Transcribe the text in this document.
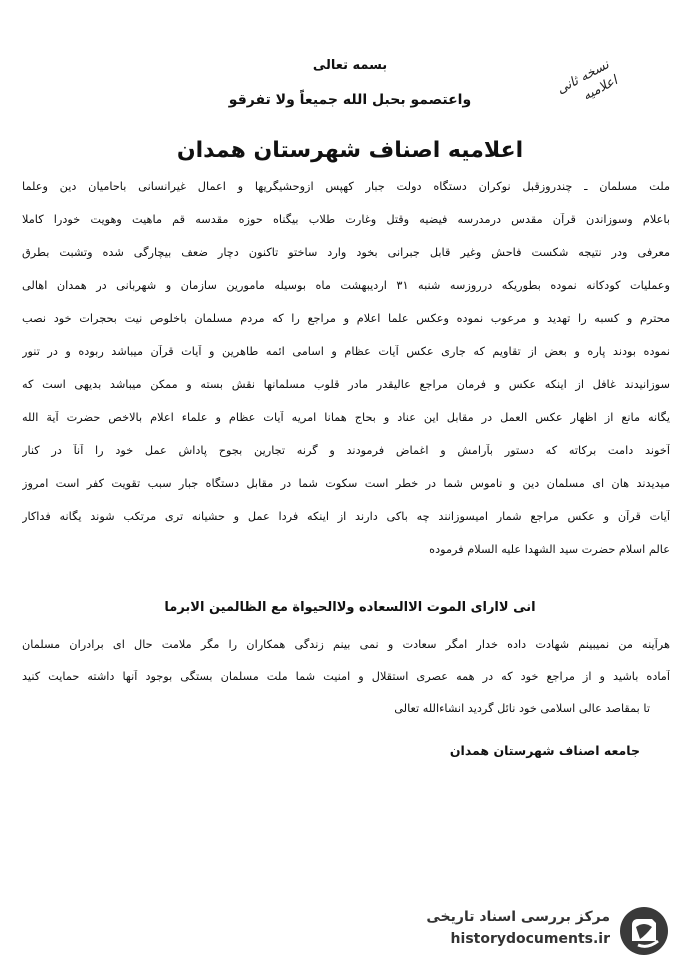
بسمه تعالی
واعتصمو بحبل الله جمیعاً ولا تفرقو
اعلامیه اصناف شهرستان همدان
نسخه ثانی
اعلامیه
ملت مسلمان ـ چندروزقبل نوکران دستگاه دولت جبار کهپس ازوحشیگریها و اعمال غیرانسانی باحامیان دین وعلما
باعلام وسوزاندن قرآن مقدس درمدرسه فیضیه وقتل وغارت طلاب بیگناه حوزه مقدسه قم ماهیت وهویت خودرا کاملا
معرفی ودر نتیجه شکست فاحش وغیر قابل جبرانی بخود وارد ساختو تاکنون دچار ضعف بیچارگی شده وتشبت بطرق
وعملیات کودکانه نموده بطوریکه درروزسه شنبه ۳۱ اردیبهشت ماه بوسیله مامورین سازمان و شهربانی در همدان اهالی
محترم و کسبه را تهدید و مرعوب نموده وعکس علما اعلام و مراجع را که مردم مسلمان باخلوص نیت بحجرات خود نصب
نموده بودند پاره و بعض از تقاویم که جاری عکس آیات عظام و اسامی ائمه طاهرین و آیات قرآن میباشد ربوده و در تنور
سوزانیدند غافل از اینکه عکس و فرمان مراجع عالیقدر مادر قلوب مسلمانها نقش بسته و ممکن میباشد بدیهی است که
یگانه مانع از اظهار عکس العمل در مقابل این عناد و بحاج همانا امریه آیات عظام و علماء اعلام بالاخص حضرت آیة الله
آخوند دامت برکاته که دستور بآرامش و اغماض فرمودند و گرنه تجارین بجوح پاداش عمل خود را آنآ در کنار
میدیدند هان ای مسلمان دین و ناموس شما در خطر است سکوت شما در مقابل دستگاه جبار سبب تقویت کفر است امروز
آیات قرآن و عکس مراجع شمار امیسوزانند چه باکی دارند از اینکه فردا عمل و حشیانه تری مرتکب شوند یگانه فداکار
عالم اسلام حضرت سید الشهدا علیه السلام فرموده
انی لاارای الموت الاالسعاده ولاالحیواة مع الظالمین الابرما
هرآینه من نمیبینم شهادت داده خدار امگر سعادت و نمی بینم زندگی همکاران را مگر ملامت حال ای برادران مسلمان
آماده باشید و از مراجع خود که در همه عصری استقلال و امنیت شما ملت مسلمان بستگی بوجود آنها داشته حمایت کنید
تا بمقاصد عالی اسلامی خود نائل گردید انشاءالله تعالی
جامعه اصناف شهرستان همدان
مرکز بررسی اسناد تاریخی
historydocuments.ir
